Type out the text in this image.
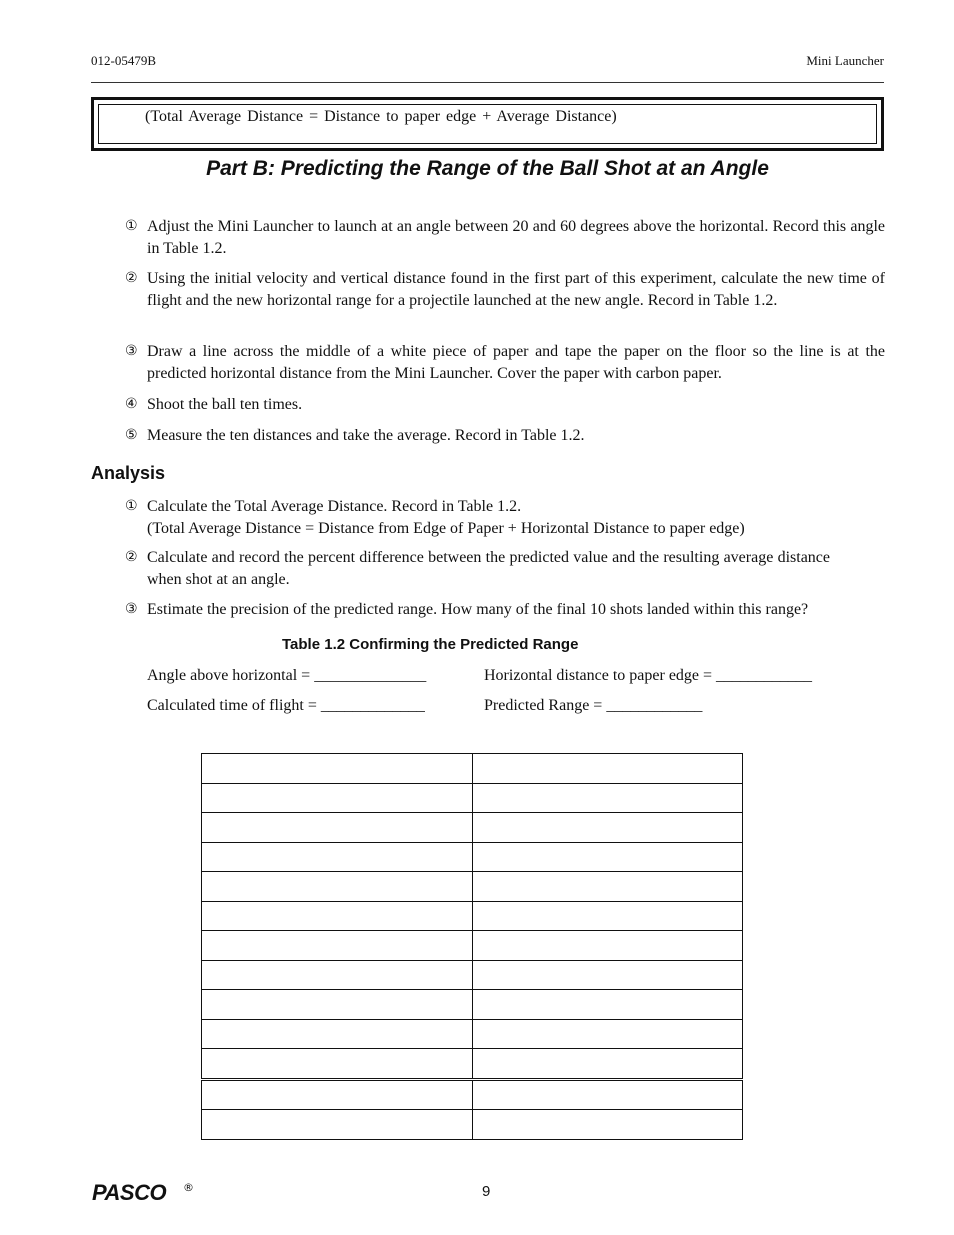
012-05479B	Mini Launcher
(Total Average Distance = Distance to paper edge + Average Distance)
Part B: Predicting the Range of the Ball Shot at an Angle
① Adjust the Mini Launcher to launch at an angle between 20 and 60 degrees above the horizontal. Record this angle in Table 1.2.
② Using the initial velocity and vertical distance found in the first part of this experiment, calculate the new time of flight and the new horizontal range for a projectile launched at the new angle. Record in Table 1.2.
③ Draw a line across the middle of a white piece of paper and tape the paper on the floor so the line is at the predicted horizontal distance from the Mini Launcher. Cover the paper with carbon paper.
④ Shoot the ball ten times.
⑤ Measure the ten distances and take the average. Record in Table 1.2.
Analysis
① Calculate the Total Average Distance. Record in Table 1.2.
(Total Average Distance = Distance from Edge of Paper + Horizontal Distance to paper edge)
② Calculate and record the percent difference between the predicted value and the resulting average distance when shot at an angle.
③ Estimate the precision of the predicted range. How many of the final 10 shots landed within this range?
Table 1.2 Confirming the Predicted Range
Angle above horizontal = ______________	Horizontal distance to paper edge = ____________
Calculated time of flight = _____________	Predicted Range = ____________

PASCO ®	9
